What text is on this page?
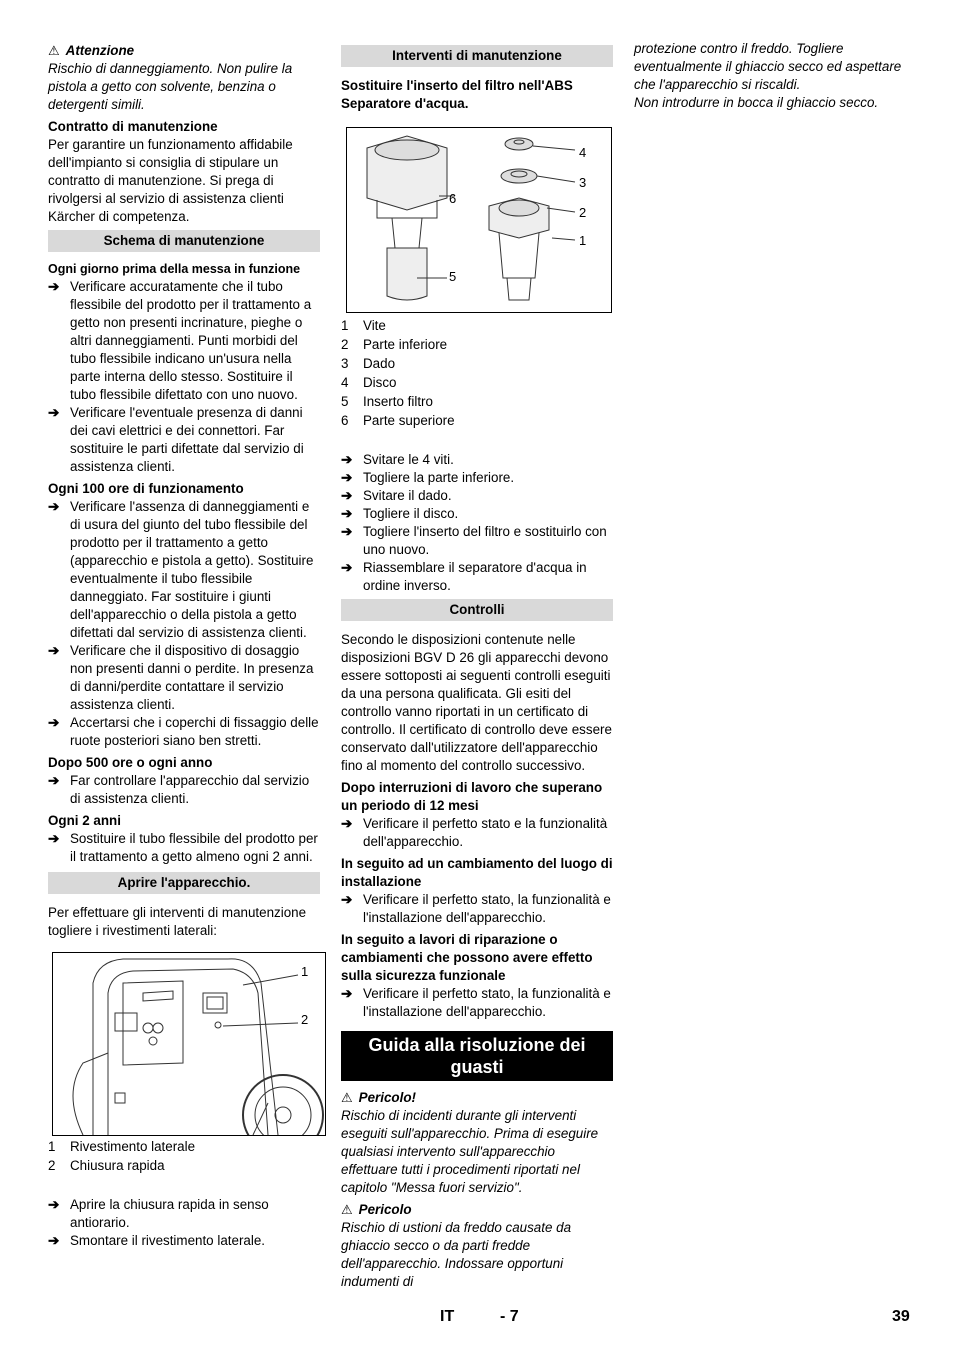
⚠ Attenzione

Rischio di danneggiamento. Non pulire la pistola a getto con solvente, benzina o detergenti simili.

Contratto di manutenzione

Per garantire un funzionamento affidabile dell'impianto si consiglia di stipulare un contratto di manutenzione. Si prega di rivolgersi al servizio di assistenza clienti Kärcher di competenza.

Schema di manutenzione
Ogni giorno prima della messa in funzione
➔ Verificare accuratamente che il tubo flessibile del prodotto per il trattamento a getto non presenti incrinature, pieghe o altri danneggiamenti. Punti morbidi del tubo flessibile indicano un'usura nella parte interna dello stesso. Sostituire il tubo flessibile difettato con uno nuovo.
➔ Verificare l'eventuale presenza di danni dei cavi elettrici e dei connettori. Far sostituire le parti difettate dal servizio di assistenza clienti.
Ogni 100 ore di funzionamento
➔ Verificare l'assenza di danneggiamenti e di usura del giunto del tubo flessibile del prodotto per il trattamento a getto (apparecchio e pistola a getto). Sostituire eventualmente il tubo flessibile danneggiato. Far sostituire i giunti dell'apparecchio o della pistola a getto difettati dal servizio di assistenza clienti.
➔ Verificare che il dispositivo di dosaggio non presenti danni o perdite. In presenza di danni/perdite contattare il servizio assistenza clienti.
➔ Accertarsi che i coperchi di fissaggio delle ruote posteriori siano ben stretti.
Dopo 500 ore o ogni anno
➔ Far controllare l'apparecchio dal servizio di assistenza clienti.
Ogni 2 anni
➔ Sostituire il tubo flessibile del prodotto per il trattamento a getto almeno ogni 2 anni.
Aprire l'apparecchio.

Per effettuare gli interventi di manutenzione togliere i rivestimenti laterali:

1
2
1	Rivestimento laterale
2	Chiusura rapida
➔ Aprire la chiusura rapida in senso antiorario.
➔ Smontare il rivestimento laterale.
Interventi di manutenzione
Sostituire l'inserto del filtro nell'ABS Separatore d'acqua.
4
3
2
1
6
5
1	Vite
2	Parte inferiore
3	Dado
4	Disco
5	Inserto filtro
6	Parte superiore
➔ Svitare le 4 viti.
➔ Togliere la parte inferiore.
➔ Svitare il dado.
➔ Togliere il disco.
➔ Togliere l'inserto del filtro e sostituirlo con uno nuovo.
➔ Riassemblare il separatore d'acqua in ordine inverso.
Controlli

Secondo le disposizioni contenute nelle disposizioni BGV D 26 gli apparecchi devono essere sottoposti ai seguenti controlli eseguiti da una persona qualificata. Gli esiti del controllo vanno riportati in un certificato di controllo. Il certificato di controllo deve essere conservato dall'utilizzatore dell'apparecchio fino al momento del controllo successivo.

Dopo interruzioni di lavoro che superano un periodo di 12 mesi
➔ Verificare il perfetto stato e la funzionalità dell'apparecchio.
In seguito ad un cambiamento del luogo di installazione
➔ Verificare il perfetto stato, la funzionalità e l'installazione dell'apparecchio.
In seguito a lavori di riparazione o cambiamenti che possono avere effetto sulla sicurezza funzionale
➔ Verificare il perfetto stato, la funzionalità e l'installazione dell'apparecchio.
Guida alla risoluzione dei guasti
⚠ Pericolo!

Rischio di incidenti durante gli interventi eseguiti sull'apparecchio. Prima di eseguire qualsiasi intervento sull'apparecchio effettuare tutti i procedimenti riportati nel capitolo "Messa fuori servizio".

⚠ Pericolo

Rischio di ustioni da freddo causate da ghiaccio secco o da parti fredde dell'apparecchio. Indossare opportuni indumenti di

protezione contro il freddo. Togliere eventualmente il ghiaccio secco ed aspettare che l'apparecchio si riscaldi.
Non introdurre in bocca il ghiaccio secco.
IT	- 7	39
